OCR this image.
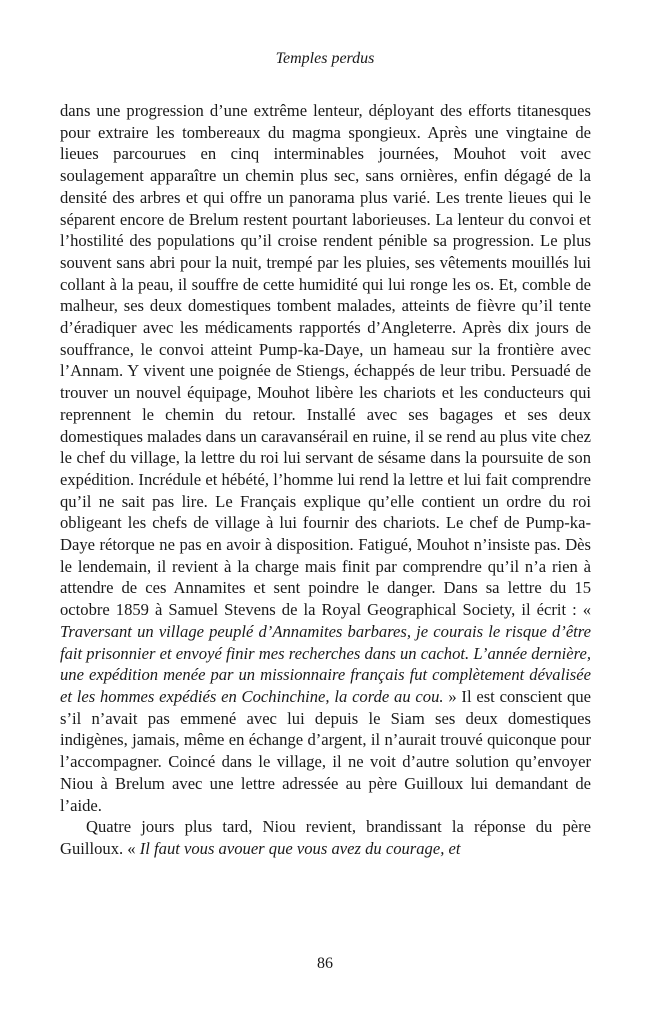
Temples perdus

dans une progression d’une extrême lenteur, déployant des efforts titanesques pour extraire les tombereaux du magma spongieux. Après une vingtaine de lieues parcourues en cinq interminables journées, Mouhot voit avec soulagement apparaître un chemin plus sec, sans ornières, enfin dégagé de la densité des arbres et qui offre un panorama plus varié. Les trente lieues qui le séparent encore de Brelum restent pourtant laborieuses. La lenteur du convoi et l’hostilité des populations qu’il croise rendent pénible sa progression. Le plus souvent sans abri pour la nuit, trempé par les pluies, ses vêtements mouillés lui collant à la peau, il souffre de cette humidité qui lui ronge les os. Et, comble de malheur, ses deux domestiques tombent malades, atteints de fièvre qu’il tente d’éradiquer avec les médicaments rapportés d’Angleterre. Après dix jours de souffrance, le convoi atteint Pump-ka-Daye, un hameau sur la frontière avec l’Annam. Y vivent une poignée de Stiengs, échappés de leur tribu. Persuadé de trouver un nouvel équipage, Mouhot libère les chariots et les conducteurs qui reprennent le chemin du retour. Installé avec ses bagages et ses deux domestiques malades dans un caravansérail en ruine, il se rend au plus vite chez le chef du village, la lettre du roi lui servant de sésame dans la poursuite de son expédition. Incrédule et hébété, l’homme lui rend la lettre et lui fait comprendre qu’il ne sait pas lire. Le Français explique qu’elle contient un ordre du roi obligeant les chefs de village à lui fournir des chariots. Le chef de Pump-ka-Daye rétorque ne pas en avoir à disposition. Fatigué, Mouhot n’insiste pas. Dès le lendemain, il revient à la charge mais finit par comprendre qu’il n’a rien à attendre de ces Annamites et sent poindre le danger. Dans sa lettre du 15 octobre 1859 à Samuel Stevens de la Royal Geographical Society, il écrit : « Traversant un village peuplé d’Annamites barbares, je courais le risque d’être fait prisonnier et envoyé finir mes recherches dans un cachot. L’année dernière, une expédition menée par un missionnaire français fut complètement dévalisée et les hommes expédiés en Cochinchine, la corde au cou. » Il est conscient que s’il n’avait pas emmené avec lui depuis le Siam ses deux domestiques indigènes, jamais, même en échange d’argent, il n’aurait trouvé quiconque pour l’accompagner. Coincé dans le village, il ne voit d’autre solution qu’envoyer Niou à Brelum avec une lettre adressée au père Guilloux lui demandant de l’aide.

Quatre jours plus tard, Niou revient, brandissant la réponse du père Guilloux. « Il faut vous avouer que vous avez du courage, et

86
